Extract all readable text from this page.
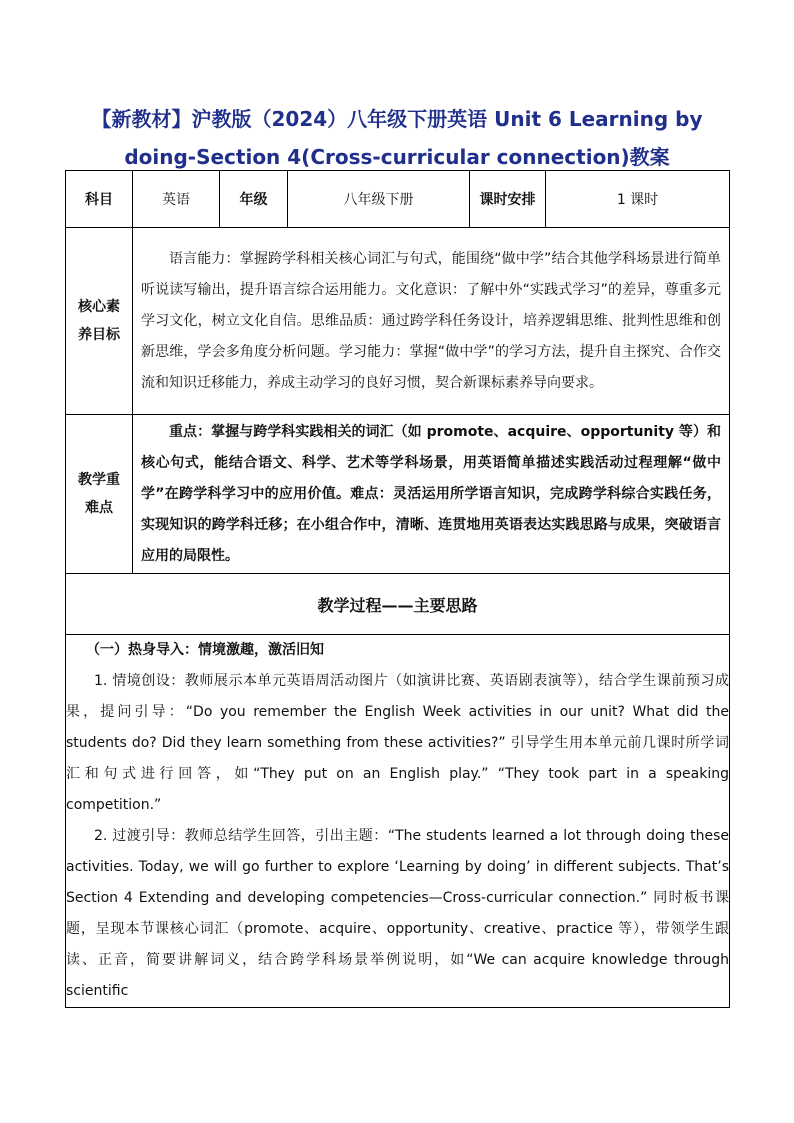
【新教材】沪教版（2024）八年级下册英语 Unit 6 Learning by doing-Section 4(Cross-curricular connection)教案
科目	英语	年级	八年级下册	课时安排	1 课时
核心素养目标	语言能力：掌握跨学科相关核心词汇与句式，能围绕“做中学”结合其他学科场景进行简单听说读写输出，提升语言综合运用能力。文化意识：了解中外“实践式学习”的差异，尊重多元学习文化，树立文化自信。思维品质：通过跨学科任务设计，培养逻辑思维、批判性思维和创新思维，学会多角度分析问题。学习能力：掌握“做中学”的学习方法，提升自主探究、合作交流和知识迁移能力，养成主动学习的良好习惯，契合新课标素养导向要求。				

教学重难点	重点：掌握与跨学科实践相关的词汇（如 promote、acquire、opportunity 等）和核心句式，能结合语文、科学、艺术等学科场景，用英语简单描述实践活动过程理解“做中学”在跨学科学习中的应用价值。难点：灵活运用所学语言知识，完成跨学科综合实践任务，实现知识的跨学科迁移；在小组合作中，清晰、连贯地用英语表达实践思路与成果，突破语言应用的局限性。				

教学过程——主要思路					

（一）热身导入：情境激趣，激活旧知
1. 情境创设：教师展示本单元英语周活动图片（如演讲比赛、英语剧表演等），结合学生课前预习成果，提问引导：“Do you remember the English Week activities in our unit? What did the students do? Did they learn something from these activities?” 引导学生用本单元前几课时所学词汇和句式进行回答，如“They put on an English play.” “They took part in a speaking competition.”
2. 过渡引导：教师总结学生回答，引出主题：“The students learned a lot through doing these activities. Today, we will go further to explore ‘Learning by doing’ in different subjects. That’s Section 4 Extending and developing competencies—Cross-curricular connection.” 同时板书课题，呈现本节课核心词汇（promote、acquire、opportunity、creative、practice 等），带领学生跟读、正音，简要讲解词义，结合跨学科场景举例说明，如“We can acquire knowledge through scientific					
